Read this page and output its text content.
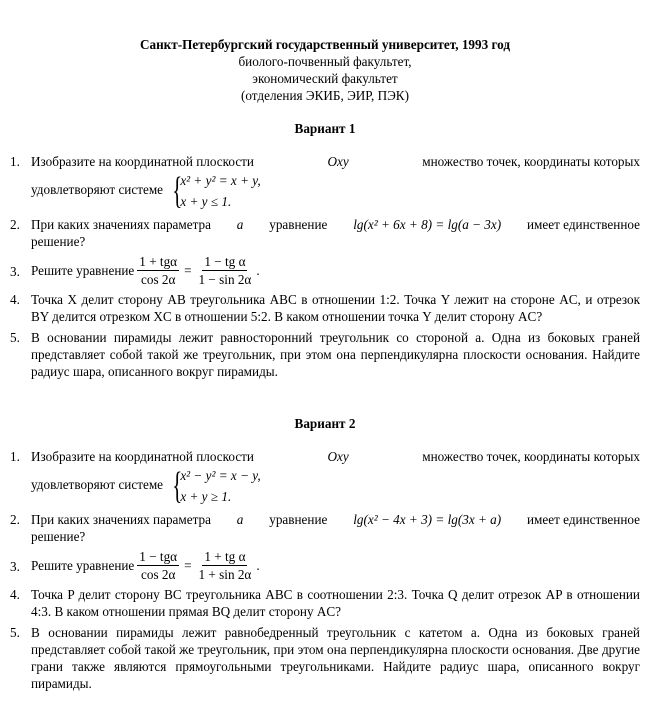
Санкт-Петербургский государственный университет, 1993 год
биолого-почвенный факультет,
экономический факультет
(отделения ЭКИБ, ЭИР, ПЭК)
Вариант 1
1. Изобразите на координатной плоскости	Oxy	множество точек, координаты которых
удовлетворяют системе {
x² + y² = x + y,
x + y ≤ 1.
2. При каких значениях параметра a уравнение lg(x² + 6x + 8) = lg(a − 3x) имеет единственное
решение?
3. Решите уравнение $\frac{\text{1 + tgα}}{\cos 2\alpha} = \frac{\text{1 − tg α}}{1 - \sin 2\alpha}$ .
4. Точка X делит сторону AB треугольника ABC в отношении 1:2. Точка Y лежит на стороне AC, и отрезок BY делится отрезком XC в отношении 5:2. В каком отношении точка Y делит сторону AC?
5. В основании пирамиды лежит равносторонний треугольник со стороной a. Одна из боковых граней представляет собой такой же треугольник, при этом она перпендикулярна плоскости основания. Найдите радиус шара, описанного вокруг пирамиды.
Вариант 2
1. Изобразите на координатной плоскости	Oxy	множество точек, координаты которых
удовлетворяют системе {
x² − y² = x − y,
x + y ≥ 1.
2. При каких значениях параметра a уравнение lg(x² − 4x + 3) = lg(3x + a) имеет единственное
решение?
3. Решите уравнение $\frac{\text{1 − tgα}}{\cos 2\alpha} = \frac{\text{1 + tg α}}{1 + \sin 2\alpha}$ .
4. Точка P делит сторону BC треугольника ABC в соотношении 2:3. Точка Q делит отрезок AP в отношении 4:3. В каком отношении прямая BQ делит сторону AC?
5. В основании пирамиды лежит равнобедренный треугольник с катетом a. Одна из боковых граней представляет собой такой же треугольник, при этом она перпендикулярна плоскости основания. Две другие грани также являются прямоугольными треугольниками. Найдите радиус шара, описанного вокруг пирамиды.
